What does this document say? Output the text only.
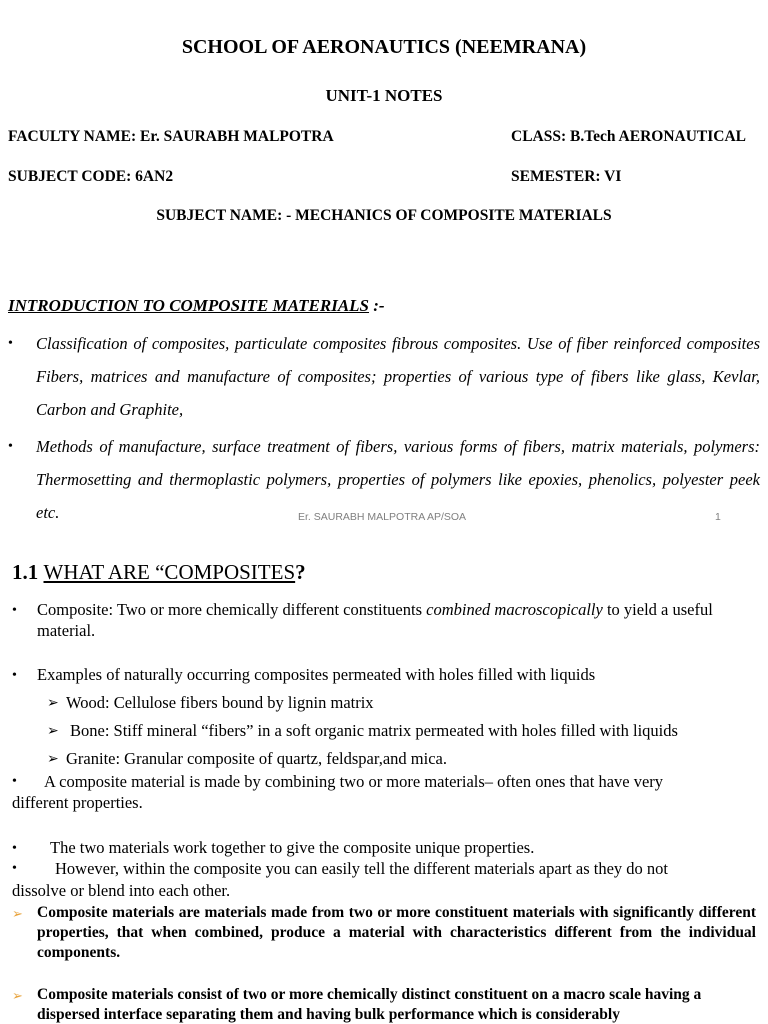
SCHOOL OF AERONAUTICS (NEEMRANA)
UNIT-1 NOTES
FACULTY NAME: Er. SAURABH MALPOTRA	CLASS: B.Tech AERONAUTICAL
SUBJECT CODE: 6AN2	SEMESTER: VI
SUBJECT NAME: - MECHANICS OF COMPOSITE MATERIALS
INTRODUCTION TO COMPOSITE MATERIALS :-
• Classification of composites, particulate composites fibrous composites. Use of fiber reinforced composites Fibers, matrices and manufacture of composites; properties of various type of fibers like glass, Kevlar, Carbon and Graphite,
• Methods of manufacture, surface treatment of fibers, various forms of fibers, matrix materials, polymers: Thermosetting and thermoplastic polymers, properties of polymers like epoxies, phenolics, polyester peek etc.	Er. SAURABH MALPOTRA AP/SOA	1
1.1 WHAT ARE “COMPOSITES?
• Composite: Two or more chemically different constituents combined macroscopically to yield a useful material.
• Examples of naturally occurring composites permeated with holes filled with liquids
➢ Wood: Cellulose fibers bound by lignin matrix
➢ Bone: Stiff mineral “fibers” in a soft organic matrix permeated with holes filled with liquids
➢ Granite: Granular composite of quartz, feldspar,and mica.
• A composite material is made by combining two or more materials– often ones that have very
different properties.
• The two materials work together to give the composite unique properties.
• However, within the composite you can easily tell the different materials apart as they do not
dissolve or blend into each other.
➢ Composite materials are materials made from two or more constituent materials with significantly different properties, that when combined, produce a material with characteristics different from the individual components.
➢ Composite materials consist of two or more chemically distinct constituent on a macro scale having a dispersed interface separating them and having bulk performance which is considerably
